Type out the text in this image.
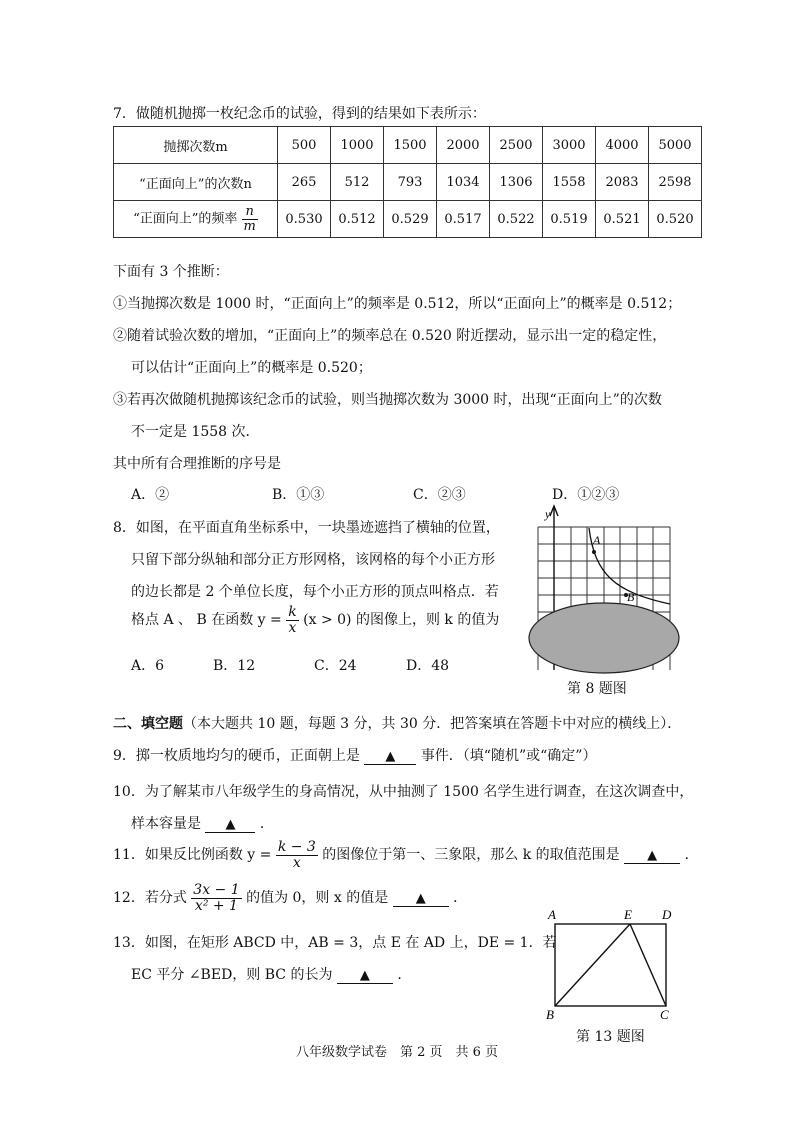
7．做随机抛掷一枚纪念币的试验，得到的结果如下表所示：
抛掷次数m	500	1000	1500	2000	2500	3000	4000	5000
“正面向上”的次数n	265	512	793	1034	1306	1558	2083	2598
“正面向上”的频率 $\frac{n}{m}$	0.530	0.512	0.529	0.517	0.522	0.519	0.521	0.520
下面有 3 个推断：
①当抛掷次数是 1000 时，“正面向上”的频率是 0.512，所以“正面向上”的概率是 0.512；
②随着试验次数的增加，“正面向上”的频率总在 0.520 附近摆动，显示出一定的稳定性，
可以估计“正面向上”的概率是 0.520；
③若再次做随机抛掷该纪念币的试验，则当抛掷次数为 3000 时，出现“正面向上”的次数
不一定是 1558 次．
其中所有合理推断的序号是
A．②	B．①③	C．②③	D．①②③
8．如图，在平面直角坐标系中，一块墨迹遮挡了横轴的位置，
只留下部分纵轴和部分正方形网格，该网格的每个小正方形
的边长都是 2 个单位长度，每个小正方形的顶点叫格点．若
格点 A 、 B 在函数 $y = \frac{k}{x} (x > 0)$ 的图像上，则 k 的值为
A．6	B．12	C．24	D．48
y
A
B
第 8 题图
二、填空题（本大题共 10 题，每题 3 分，共 30 分．把答案填在答题卡中对应的横线上）．
9．掷一枚质地均匀的硬币，正面朝上是 ▲ 事件．（填“随机”或“确定”）
10．为了解某市八年级学生的身高情况，从中抽测了 1500 名学生进行调查，在这次调查中，
样本容量是 ▲ ．
11．如果反比例函数 $y = \frac{k - 3}{x}$ 的图像位于第一、三象限，那么 k 的取值范围是 ▲ ．
12．若分式 $\frac{3x - 1}{\text{x² + 1}}$ 的值为 0，则 x 的值是 ▲ ．
13．如图，在矩形 ABCD 中，AB = 3，点 E 在 AD 上，DE = 1．若
EC 平分 ∠BED，则 BC 的长为 ▲ ．
A	E D
B	C
第 13 题图
八年级数学试卷　第 2 页　共 6 页
